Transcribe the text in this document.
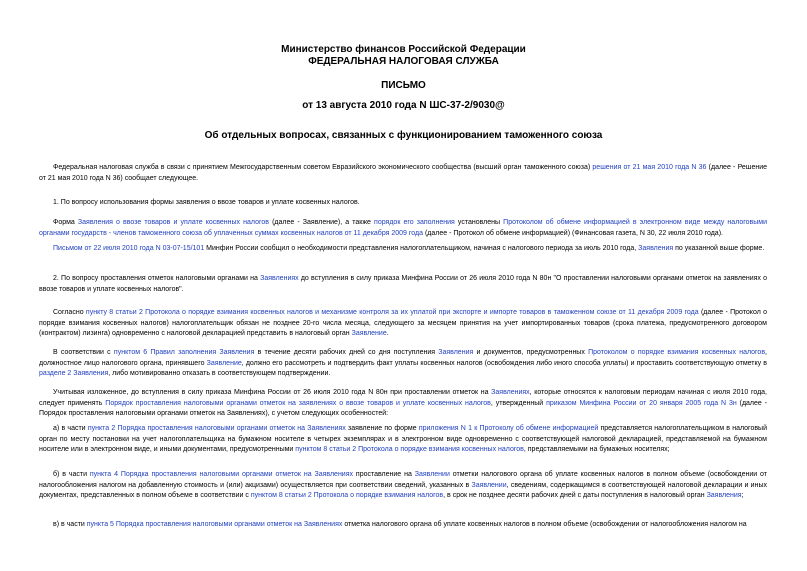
Министерство финансов Российской Федерации
ФЕДЕРАЛЬНАЯ НАЛОГОВАЯ СЛУЖБА
ПИСЬМО
от 13 августа 2010 года N ШС-37-2/9030@
Об отдельных вопросах, связанных с функционированием таможенного союза

Федеральная налоговая служба в связи с принятием Межгосударственным советом Евразийского экономического сообщества (высший орган таможенного союза) решения от 21 мая 2010 года N 36 (далее - Решение от 21 мая 2010 года N 36) сообщает следующее.

1. По вопросу использования формы заявления о ввозе товаров и уплате косвенных налогов.

Форма Заявления о ввозе товаров и уплате косвенных налогов (далее - Заявление), а также порядок его заполнения установлены Протоколом об обмене информацией в электронном виде между налоговыми органами государств - членов таможенного союза об уплаченных суммах косвенных налогов от 11 декабря 2009 года (далее - Протокол об обмене информацией) (Финансовая газета, N 30, 22 июля 2010 года).

Письмом от 22 июля 2010 года N 03-07-15/101 Минфин России сообщил о необходимости представления налогоплательщиком, начиная с налогового периода за июль 2010 года, Заявления по указанной выше форме.

2. По вопросу проставления отметок налоговыми органами на Заявлениях до вступления в силу приказа Минфина России от 26 июля 2010 года N 80н "О проставлении налоговыми органами отметок на заявлениях о ввозе товаров и уплате косвенных налогов".

Согласно пункту 8 статьи 2 Протокола о порядке взимания косвенных налогов и механизме контроля за их уплатой при экспорте и импорте товаров в таможенном союзе от 11 декабря 2009 года (далее - Протокол о порядке взимания косвенных налогов) налогоплательщик обязан не позднее 20-го числа месяца, следующего за месяцем принятия на учет импортированных товаров (срока платежа, предусмотренного договором (контрактом) лизинга) одновременно с налоговой декларацией представить в налоговый орган Заявление.

В соответствии с пунктом 6 Правил заполнения Заявления в течение десяти рабочих дней со дня поступления Заявления и документов, предусмотренных Протоколом о порядке взимания косвенных налогов, должностное лицо налогового органа, принявшего Заявление, должно его рассмотреть и подтвердить факт уплаты косвенных налогов (освобождения либо иного способа уплаты) и проставить соответствующую отметку в разделе 2 Заявления, либо мотивированно отказать в соответствующем подтверждении.

Учитывая изложенное, до вступления в силу приказа Минфина России от 26 июля 2010 года N 80н при проставлении отметок на Заявлениях, которые относятся к налоговым периодам начиная с июля 2010 года, следует применять Порядок проставления налоговыми органами отметок на заявлениях о ввозе товаров и уплате косвенных налогов, утвержденный приказом Минфина России от 20 января 2005 года N 3н (далее - Порядок проставления налоговыми органами отметок на Заявлениях), с учетом следующих особенностей:

а) в части пункта 2 Порядка проставления налоговыми органами отметок на Заявлениях заявление по форме приложения N 1 к Протоколу об обмене информацией представляется налогоплательщиком в налоговый орган по месту постановки на учет налогоплательщика на бумажном носителе в четырех экземплярах и в электронном виде одновременно с соответствующей налоговой декларацией, представляемой на бумажном носителе или в электронном виде, и иными документами, предусмотренными пунктом 8 статьи 2 Протокола о порядке взимания косвенных налогов, представляемыми на бумажных носителях;

б) в части пункта 4 Порядка проставления налоговыми органами отметок на Заявлениях проставление на Заявлении отметки налогового органа об уплате косвенных налогов в полном объеме (освобождении от налогообложения налогом на добавленную стоимость и (или) акцизами) осуществляется при соответствии сведений, указанных в Заявлении, сведениям, содержащимся в соответствующей налоговой декларации и иных документах, представленных в полном объеме в соответствии с пунктом 8 статьи 2 Протокола о порядке взимания налогов, в срок не позднее десяти рабочих дней с даты поступления в налоговый орган Заявления;

в) в части пункта 5 Порядка проставления налоговыми органами отметок на Заявлениях отметка налогового органа об уплате косвенных налогов в полном объеме (освобождении от налогообложения налогом на
